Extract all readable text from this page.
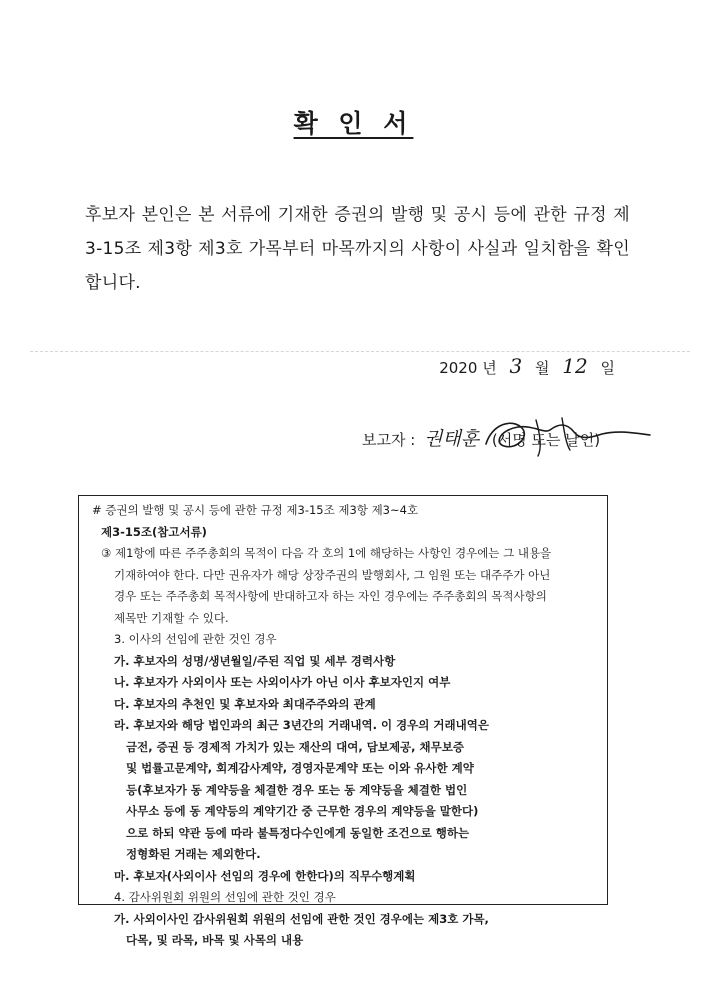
확 인 서
후보자 본인은 본 서류에 기재한 증권의 발행 및 공시 등에 관한 규정 제3-15조 제3항 제3호 가목부터 마목까지의 사항이 사실과 일치함을 확인합니다.
2020 년 3 월 12 일
보고자 : 권태훈 (서명 또는 날인)
# 증권의 발행 및 공시 등에 관한 규정 제3-15조 제3항 제3~4호
제3-15조(참고서류)
③ 제1항에 따른 주주총회의 목적이 다음 각 호의 1에 해당하는 사항인 경우에는 그 내용을
기재하여야 한다. 다만 권유자가 해당 상장주권의 발행회사, 그 임원 또는 대주주가 아닌
경우 또는 주주총회 목적사항에 반대하고자 하는 자인 경우에는 주주총회의 목적사항의
제목만 기재할 수 있다.
3. 이사의 선임에 관한 것인 경우
가. 후보자의 성명/생년월일/주된 직업 및 세부 경력사항
나. 후보자가 사외이사 또는 사외이사가 아닌 이사 후보자인지 여부
다. 후보자의 추천인 및 후보자와 최대주주와의 관계
라. 후보자와 해당 법인과의 최근 3년간의 거래내역. 이 경우의 거래내역은
금전, 증권 등 경제적 가치가 있는 재산의 대여, 담보제공, 채무보증
및 법률고문계약, 회계감사계약, 경영자문계약 또는 이와 유사한 계약
등(후보자가 동 계약등을 체결한 경우 또는 동 계약등을 체결한 법인
사무소 등에 동 계약등의 계약기간 중 근무한 경우의 계약등을 말한다)
으로 하되 약관 등에 따라 불특정다수인에게 동일한 조건으로 행하는
정형화된 거래는 제외한다.
마. 후보자(사외이사 선임의 경우에 한한다)의 직무수행계획
4. 감사위원회 위원의 선임에 관한 것인 경우
가. 사외이사인 감사위원회 위원의 선임에 관한 것인 경우에는 제3호 가목,
다목, 및 라목, 바목 및 사목의 내용
